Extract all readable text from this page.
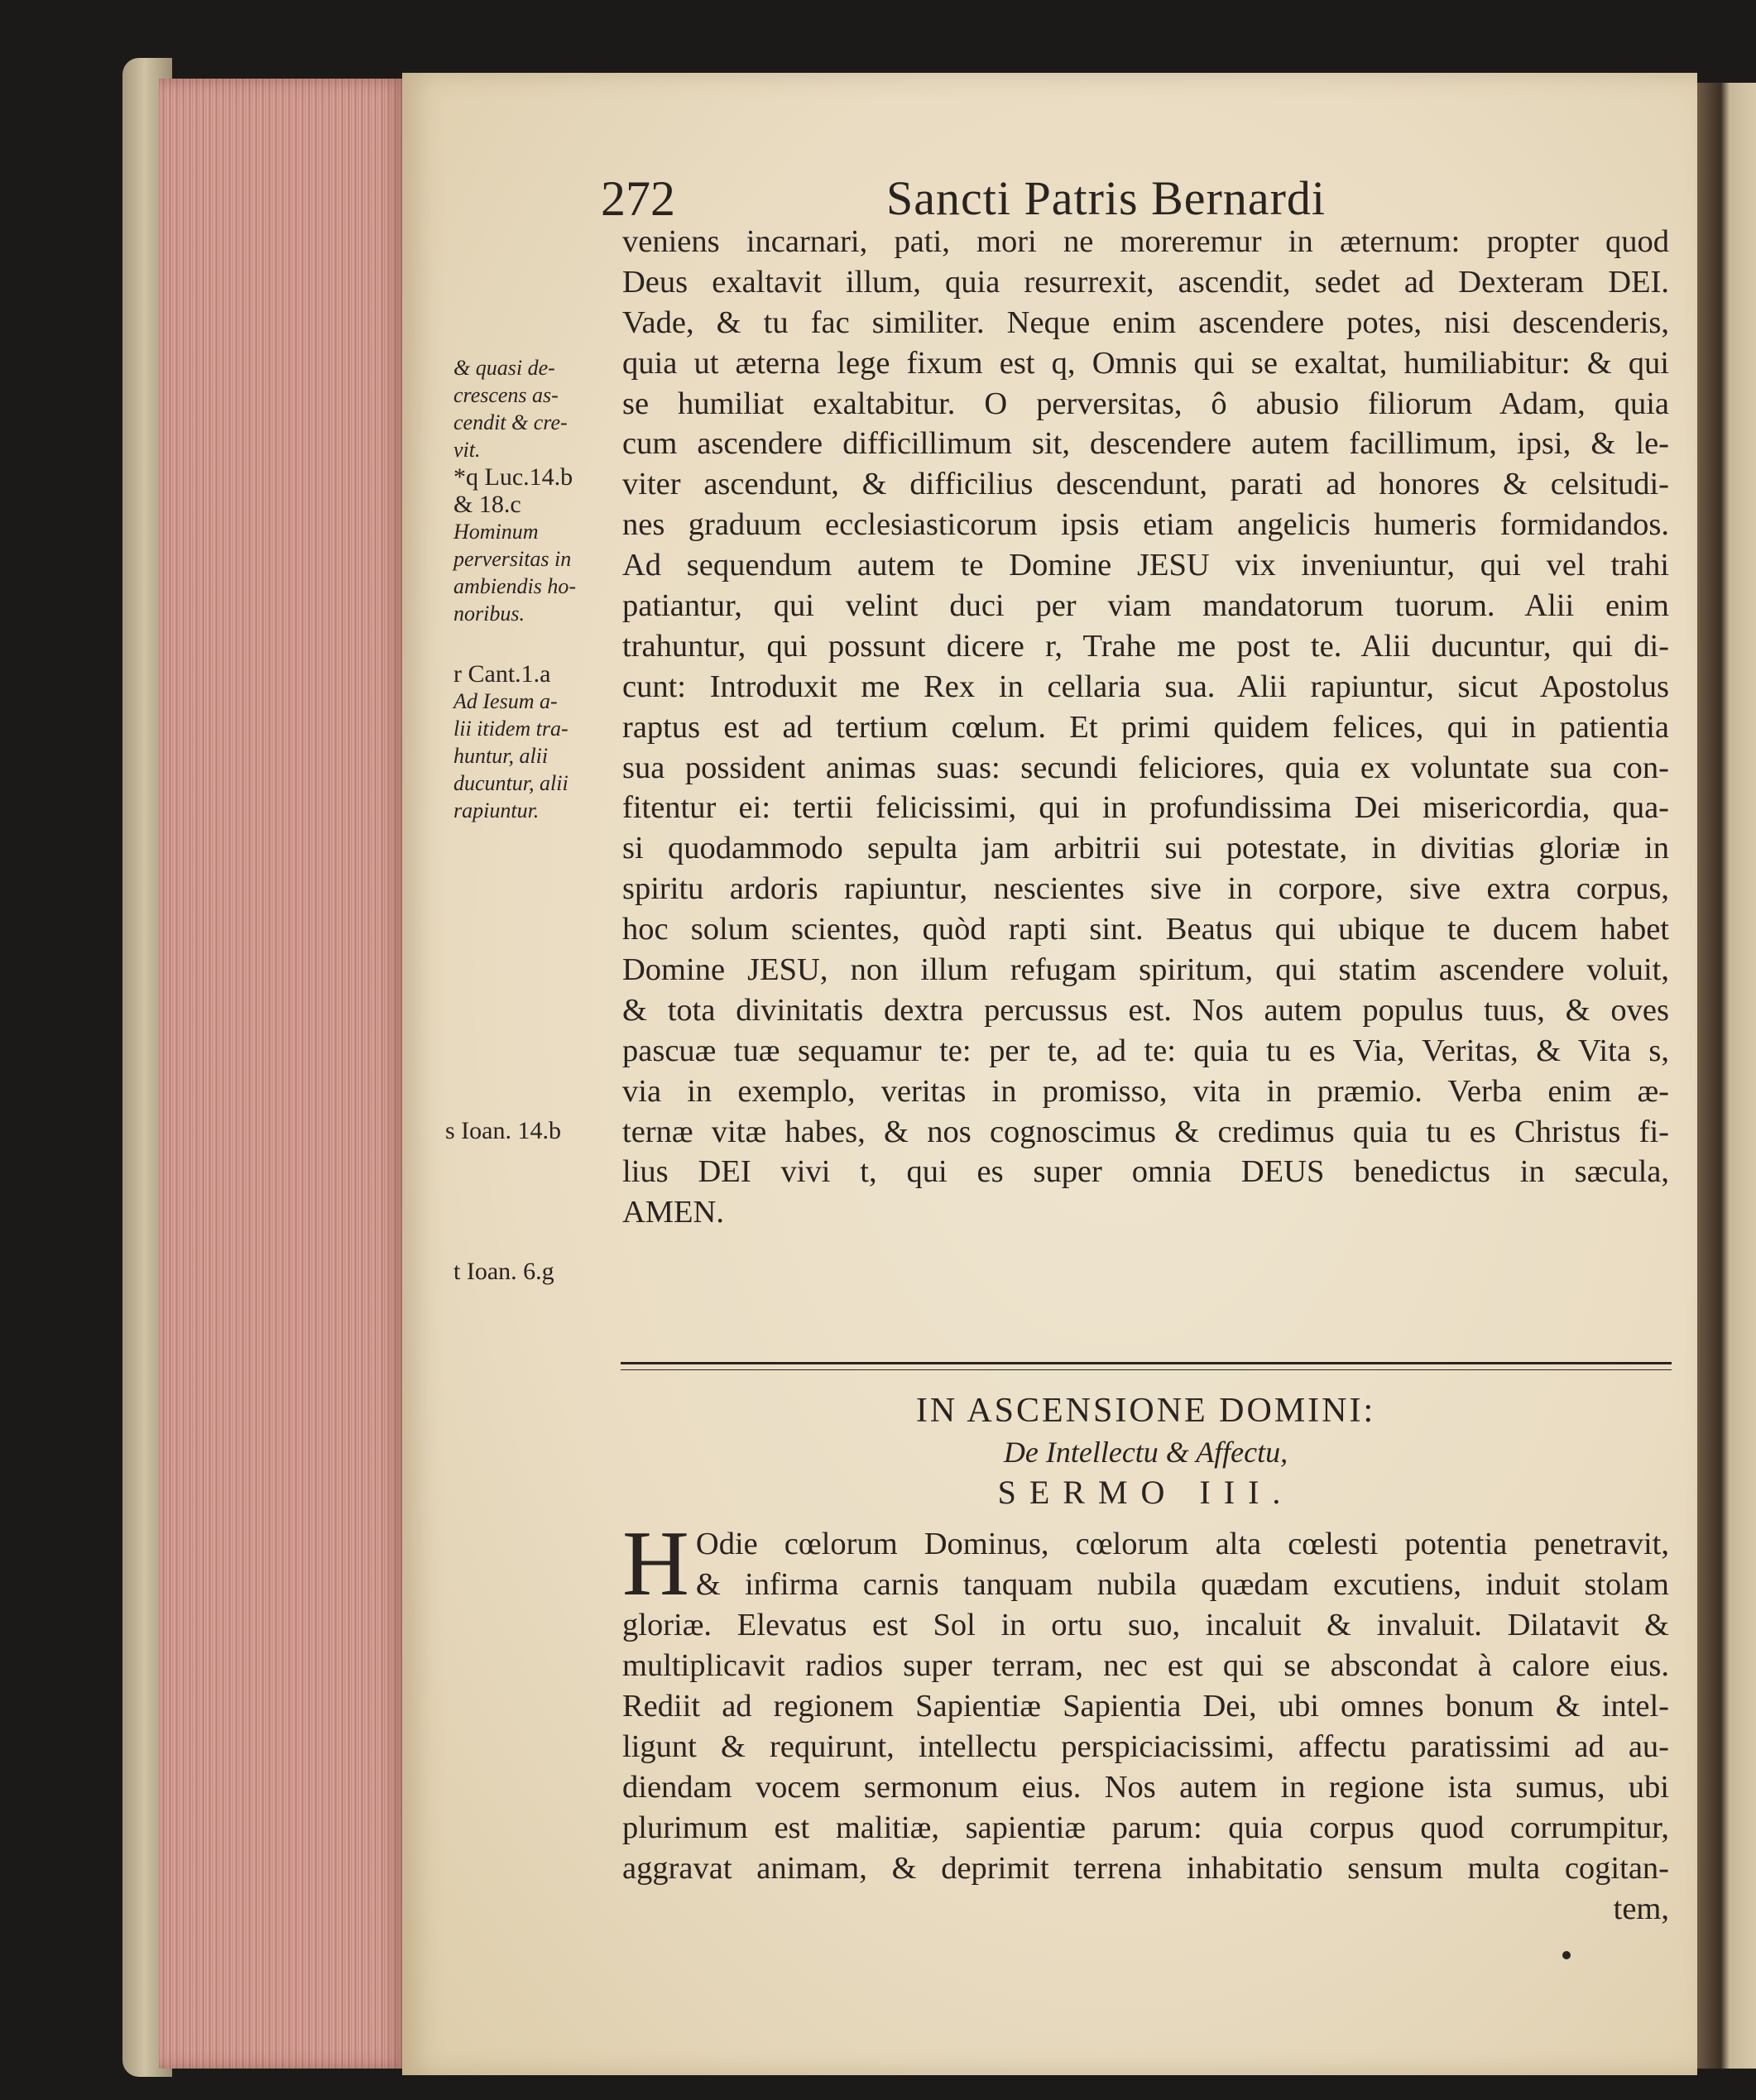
272	Sancti Patris Bernardi
& quasi de-
crescens as-
cendit & cre-
vit.
*q Luc.14.b
& 18.c
Hominum
perversitas in
ambiendis ho-
noribus.
r Cant.1.a
Ad Iesum a-
lii itidem tra-
huntur, alii
ducuntur, alii
rapiuntur.
s Ioan. 14.b
t Ioan. 6.g
veniens incarnari, pati, mori ne moreremur in æternum: propter quod
Deus exaltavit illum, quia resurrexit, ascendit, sedet ad Dexteram DEI.
Vade, & tu fac similiter. Neque enim ascendere potes, nisi descenderis,
quia ut æterna lege fixum est q, Omnis qui se exaltat, humiliabitur: & qui
se humiliat exaltabitur. O perversitas, ô abusio filiorum Adam, quia
cum ascendere difficillimum sit, descendere autem facillimum, ipsi, & le-
viter ascendunt, & difficilius descendunt, parati ad honores & celsitudi-
nes graduum ecclesiasticorum ipsis etiam angelicis humeris formidandos.
Ad sequendum autem te Domine JESU vix inveniuntur, qui vel trahi
patiantur, qui velint duci per viam mandatorum tuorum. Alii enim
trahuntur, qui possunt dicere r, Trahe me post te. Alii ducuntur, qui di-
cunt: Introduxit me Rex in cellaria sua. Alii rapiuntur, sicut Apostolus
raptus est ad tertium cœlum. Et primi quidem felices, qui in patientia
sua possident animas suas: secundi feliciores, quia ex voluntate sua con-
fitentur ei: tertii felicissimi, qui in profundissima Dei misericordia, qua-
si quodammodo sepulta jam arbitrii sui potestate, in divitias gloriæ in
spiritu ardoris rapiuntur, nescientes sive in corpore, sive extra corpus,
hoc solum scientes, quòd rapti sint. Beatus qui ubique te ducem habet
Domine JESU, non illum refugam spiritum, qui statim ascendere voluit,
& tota divinitatis dextra percussus est. Nos autem populus tuus, & oves
pascuæ tuæ sequamur te: per te, ad te: quia tu es Via, Veritas, & Vita s,
via in exemplo, veritas in promisso, vita in præmio. Verba enim æ-
ternæ vitæ habes, & nos cognoscimus & credimus quia tu es Christus fi-
lius DEI vivi t, qui es super omnia DEUS benedictus in sæcula,
AMEN.
IN ASCENSIONE DOMINI:
De Intellectu & Affectu,
SERMO III.
H Odie cœlorum Dominus, cœlorum alta cœlesti potentia penetravit,
& infirma carnis tanquam nubila quædam excutiens, induit stolam
gloriæ. Elevatus est Sol in ortu suo, incaluit & invaluit. Dilatavit &
multiplicavit radios super terram, nec est qui se abscondat à calore eius.
Rediit ad regionem Sapientiæ Sapientia Dei, ubi omnes bonum & intel-
ligunt & requirunt, intellectu perspiciacissimi, affectu paratissimi ad au-
diendam vocem sermonum eius. Nos autem in regione ista sumus, ubi
plurimum est malitiæ, sapientiæ parum: quia corpus quod corrumpitur,
aggravat animam, & deprimit terrena inhabitatio sensum multa cogitan-
tem,
